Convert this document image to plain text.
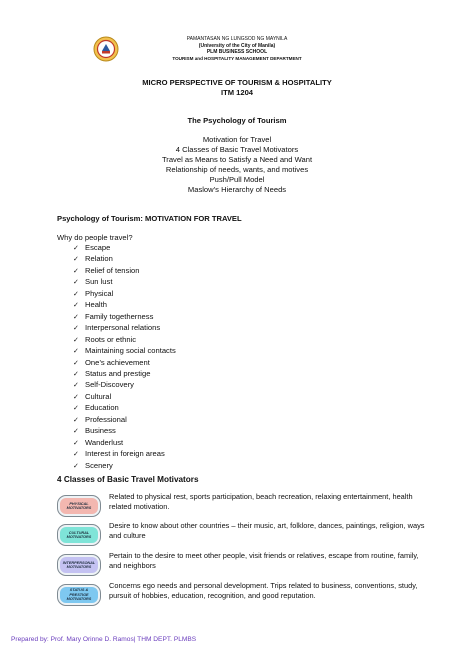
PAMANTASAN NG LUNGSOD NG MAYNILA
(University of the City of Manila)
PLM BUSINESS SCHOOL
TOURISM and HOSPITALITY MANAGEMENT DEPARTMENT
MICRO PERSPECTIVE OF TOURISM & HOSPITALITY
ITM 1204
The Psychology of Tourism
Motivation for Travel
4 Classes of Basic Travel Motivators
Travel as Means to Satisfy a Need and Want
Relationship of needs, wants, and motives
Push/Pull Model
Maslow’s Hierarchy of Needs
Psychology of Tourism: MOTIVATION FOR TRAVEL
Why do people travel?
✓ Escape
✓ Relation
✓ Relief of tension
✓ Sun lust
✓ Physical
✓ Health
✓ Family togetherness
✓ Interpersonal relations
✓ Roots or ethnic
✓ Maintaining social contacts
✓ One’s achievement
✓ Status and prestige
✓ Self-Discovery
✓ Cultural
✓ Education
✓ Professional
✓ Business
✓ Wanderlust
✓ Interest in foreign areas
✓ Scenery
4 Classes of Basic Travel Motivators
PHYSICAL
MOTIVATORS
Related to physical rest, sports participation, beach recreation, relaxing entertainment, health related motivation.
CULTURAL
MOTIVATORS
Desire to know about other countries – their music, art, folklore, dances, paintings, religion, ways and culture
INTERPERSONAL
MOTIVATORS
Pertain to the desire to meet other people, visit friends or relatives, escape from routine, family, and neighbors
STATUS &
PRESTIGE
MOTIVATORS
Concerns ego needs and personal development. Trips related to business, conventions, study, pursuit of hobbies, education, recognition, and good reputation.
Prepared by: Prof. Mary Orinne D. Ramos| THM DEPT. PLMBS
